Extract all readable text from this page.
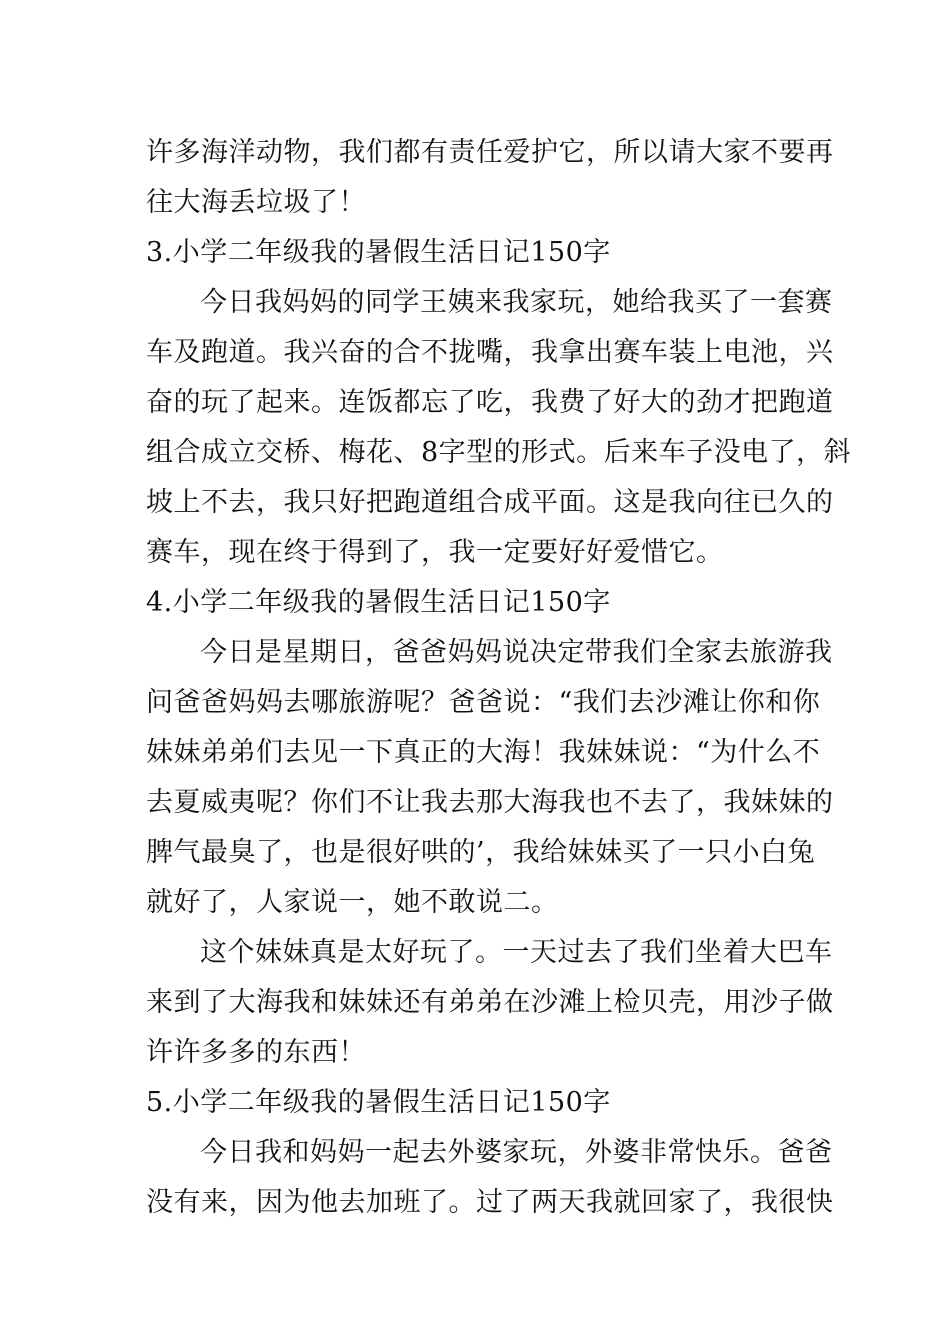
许多海洋动物，我们都有责任爱护它，所以请大家不要再
往大海丢垃圾了！
3.小学二年级我的暑假生活日记150字
今日我妈妈的同学王姨来我家玩，她给我买了一套赛
车及跑道。我兴奋的合不拢嘴，我拿出赛车装上电池，兴
奋的玩了起来。连饭都忘了吃，我费了好大的劲才把跑道
组合成立交桥、梅花、8字型的形式。后来车子没电了，斜
坡上不去，我只好把跑道组合成平面。这是我向往已久的
赛车，现在终于得到了，我一定要好好爱惜它。
4.小学二年级我的暑假生活日记150字
今日是星期日，爸爸妈妈说决定带我们全家去旅游我
问爸爸妈妈去哪旅游呢？爸爸说：“我们去沙滩让你和你
妹妹弟弟们去见一下真正的大海！我妹妹说：“为什么不
去夏威夷呢？你们不让我去那大海我也不去了，我妹妹的
脾气最臭了，也是很好哄的’，我给妹妹买了一只小白兔
就好了，人家说一，她不敢说二。
这个妹妹真是太好玩了。一天过去了我们坐着大巴车
来到了大海我和妹妹还有弟弟在沙滩上检贝壳，用沙子做
许许多多的东西！
5.小学二年级我的暑假生活日记150字
今日我和妈妈一起去外婆家玩，外婆非常快乐。爸爸
没有来，因为他去加班了。过了两天我就回家了，我很快
